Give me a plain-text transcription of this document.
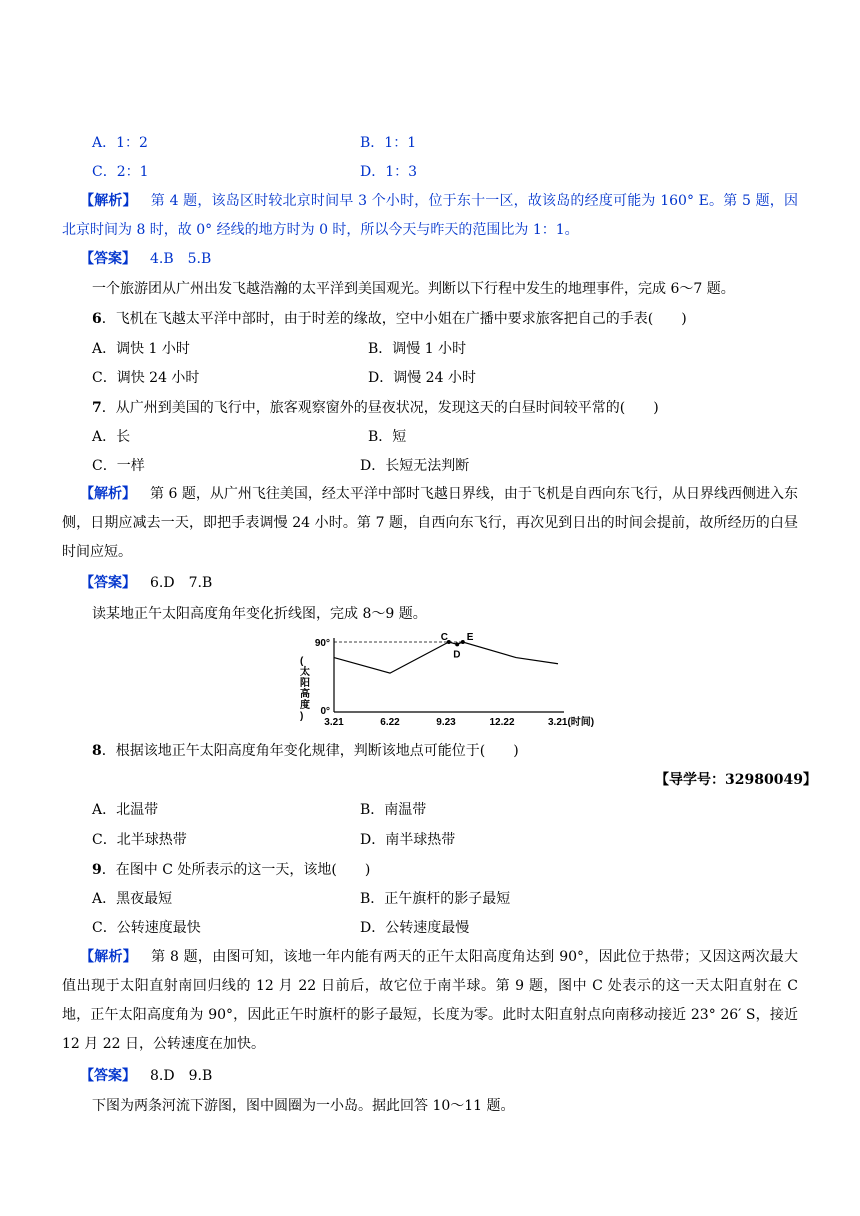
A．1：2	B．1：1
C．2：1	D．1：3
【解析】 第 4 题，该岛区时较北京时间早 3 个小时，位于东十一区，故该岛的经度可能为 160° E。第 5 题，因北京时间为 8 时，故 0° 经线的地方时为 0 时，所以今天与昨天的范围比为 1：1。
【答案】 4.B　5.B
一个旅游团从广州出发飞越浩瀚的太平洋到美国观光。判断以下行程中发生的地理事件，完成 6～7 题。
6．飞机在飞越太平洋中部时，由于时差的缘故，空中小姐在广播中要求旅客把自己的手表(　　)
A．调快 1 小时	B．调慢 1 小时
C．调快 24 小时	D．调慢 24 小时
7．从广州到美国的飞行中，旅客观察窗外的昼夜状况，发现这天的白昼时间较平常的(　　)
A．长	B．短
C．一样	D．长短无法判断
【解析】 第 6 题，从广州飞往美国，经太平洋中部时飞越日界线，由于飞机是自西向东飞行，从日界线西侧进入东侧，日期应减去一天，即把手表调慢 24 小时。第 7 题，自西向东飞行，再次见到日出的时间会提前，故所经历的白昼时间应短。
【答案】 6.D　7.B
读某地正午太阳高度角年变化折线图，完成 8～9 题。
90°
0°
(太阳高度)
3.21	6.22	9.23	12.22	3.21(时间)
C
D
E
8．根据该地正午太阳高度角年变化规律，判断该地点可能位于(　　)
【导学号：32980049】
A．北温带	B．南温带
C．北半球热带	D．南半球热带
9．在图中 C 处所表示的这一天，该地(　　)
A．黑夜最短	B．正午旗杆的影子最短
C．公转速度最快	D．公转速度最慢
【解析】 第 8 题，由图可知，该地一年内能有两天的正午太阳高度角达到 90°，因此位于热带；又因这两次最大值出现于太阳直射南回归线的 12 月 22 日前后，故它位于南半球。第 9 题，图中 C 处表示的这一天太阳直射在 C 地，正午太阳高度角为 90°，因此正午时旗杆的影子最短，长度为零。此时太阳直射点向南移动接近 23° 26′ S，接近 12 月 22 日，公转速度在加快。
【答案】 8.D　9.B
下图为两条河流下游图，图中圆圈为一小岛。据此回答 10～11 题。
